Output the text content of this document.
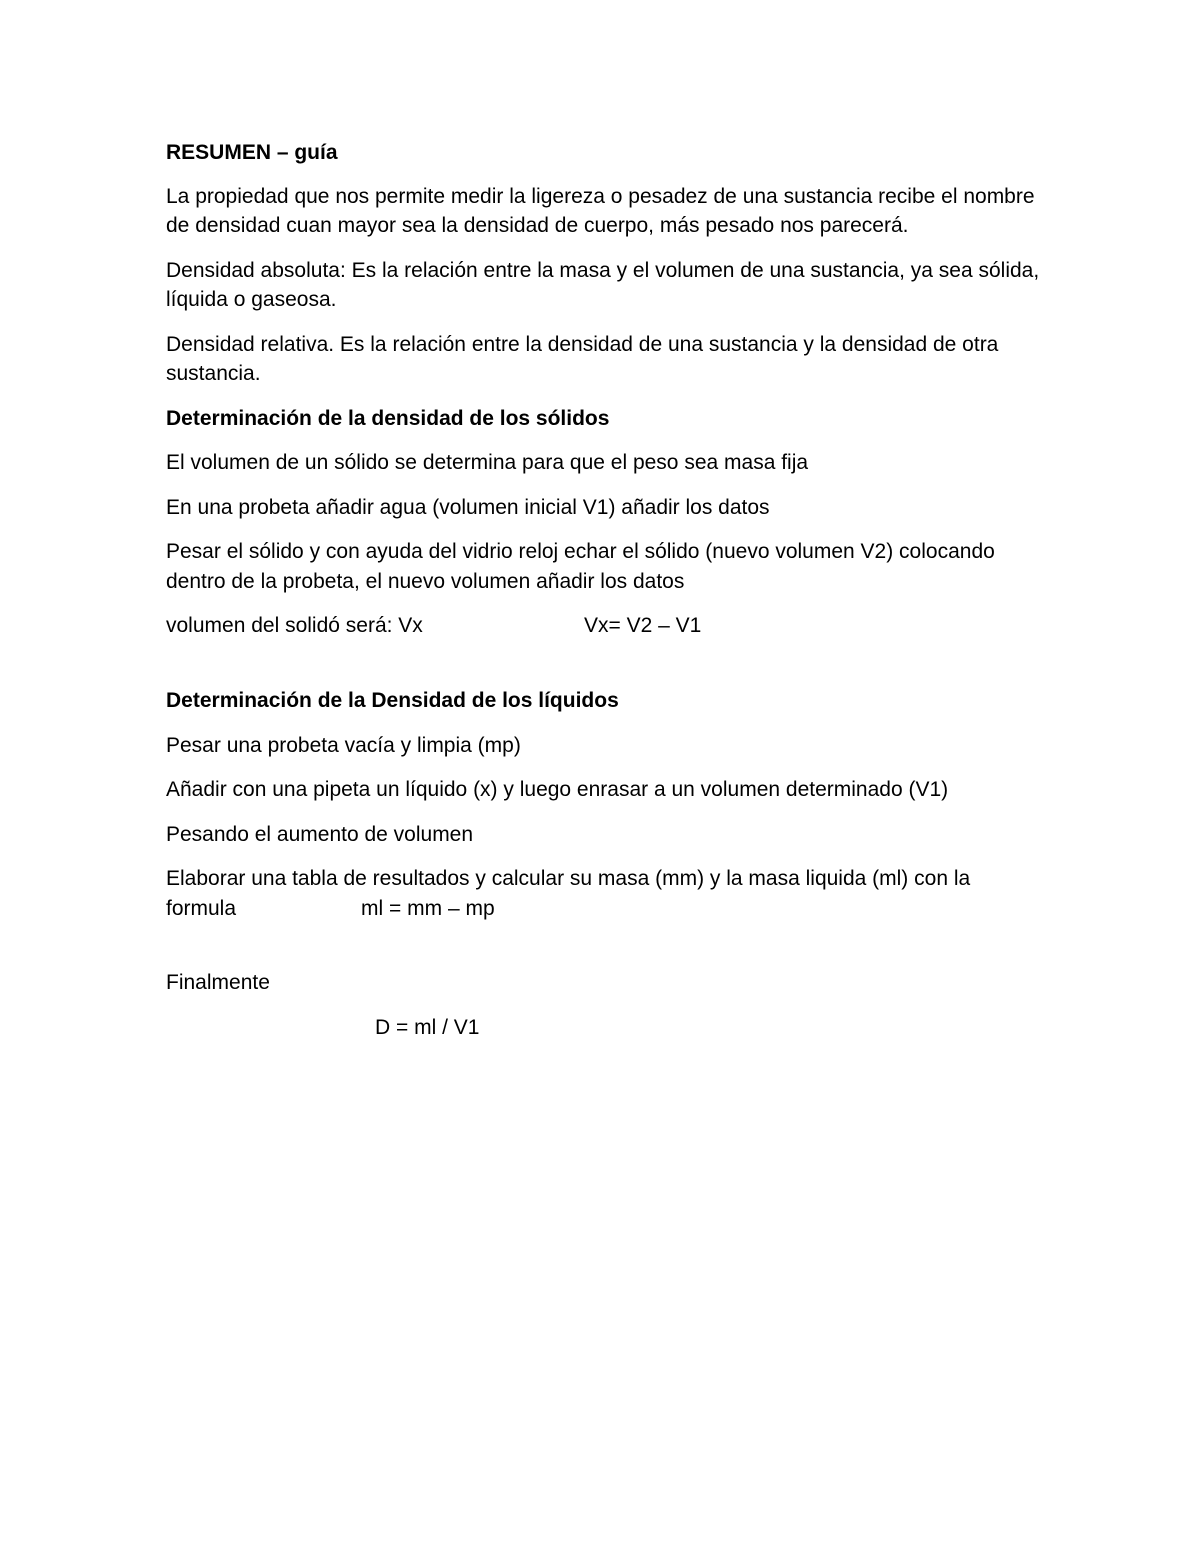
RESUMEN – guía

La propiedad que nos permite medir la ligereza o pesadez de una sustancia recibe el nombre de densidad cuan mayor sea la densidad de cuerpo, más pesado nos parecerá.

Densidad absoluta: Es la relación entre la masa y el volumen de una sustancia, ya sea sólida, líquida o gaseosa.

Densidad relativa. Es la relación entre la densidad de una sustancia y la densidad de otra sustancia.

Determinación de la densidad de los sólidos

El volumen de un sólido se determina para que el peso sea masa fija

En una probeta añadir agua (volumen inicial V1) añadir los datos

Pesar el sólido y con ayuda del vidrio reloj echar el sólido (nuevo volumen V2) colocando dentro de la probeta, el nuevo volumen añadir los datos

volumen del solidó será: Vx	Vx= V2 – V1

Determinación de la Densidad de los líquidos

Pesar una probeta vacía y limpia (mp)

Añadir con una pipeta un líquido (x) y luego enrasar a un volumen determinado (V1)

Pesando el aumento de volumen

Elaborar una tabla de resultados y calcular su masa (mm) y la masa liquida (ml) con la formula	ml = mm – mp

Finalmente

D = ml / V1
